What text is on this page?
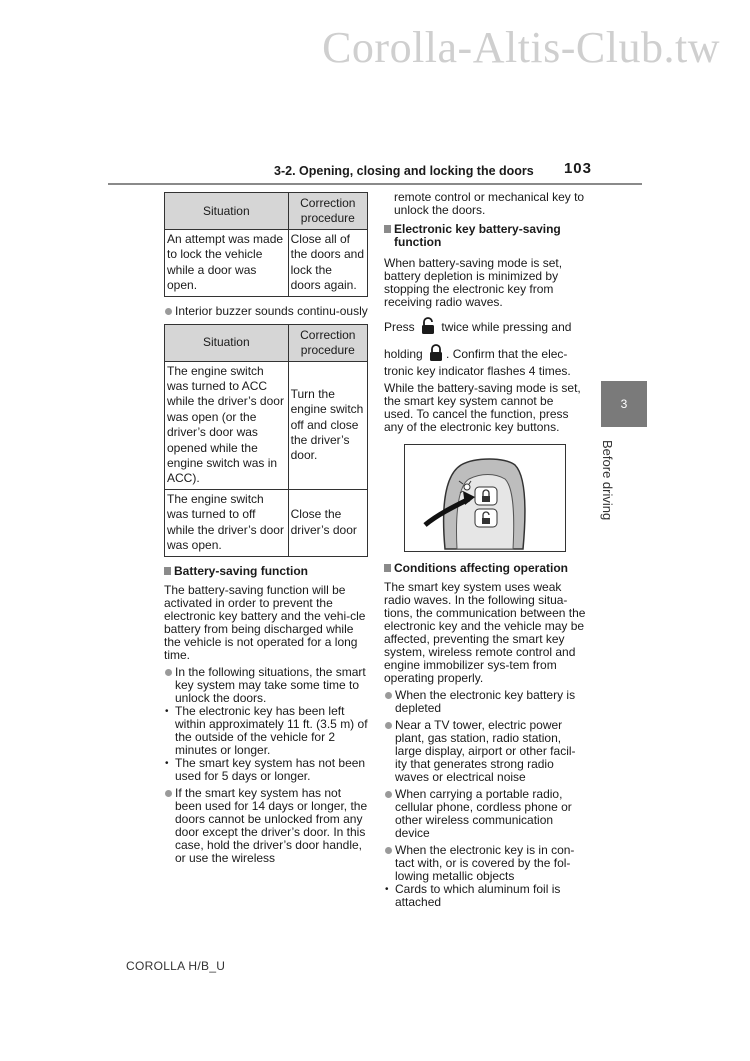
Corolla-Altis-Club.tw
3-2. Opening, closing and locking the doors 103
3
Before driving
Situation	Correction procedure
An attempt was made to lock the vehicle while a door was open.	Close all of the doors and lock the doors again.

Interior buzzer sounds continu-ously

Situation	Correction procedure
The engine switch was turned to ACC while the driver’s door was open (or the driver’s door was opened while the engine switch was in ACC).	Turn the engine switch off and close the driver’s door.
The engine switch was turned to off while the driver’s door was open.	Close the driver’s door

Battery-saving function

The battery-saving function will be activated in order to prevent the electronic key battery and the vehi-cle battery from being discharged while the vehicle is not operated for a long time.

In the following situations, the smart key system may take some time to unlock the doors.

• The electronic key has been left within approximately 11 ft. (3.5 m) of the outside of the vehicle for 2 minutes or longer.

• The smart key system has not been used for 5 days or longer.

If the smart key system has not been used for 14 days or longer, the doors cannot be unlocked from any door except the driver’s door. In this case, hold the driver’s door handle, or use the wireless

remote control or mechanical key to unlock the doors.

Electronic key battery-saving function

When battery-saving mode is set, battery depletion is minimized by stopping the electronic key from receiving radio waves.

Press twice while pressing and

holding . Confirm that the elec-tronic key indicator flashes 4 times.

While the battery-saving mode is set, the smart key system cannot be used. To cancel the function, press any of the electronic key buttons.

Conditions affecting operation

The smart key system uses weak radio waves. In the following situa-tions, the communication between the electronic key and the vehicle may be affected, preventing the smart key system, wireless remote control and engine immobilizer sys-tem from operating properly.

When the electronic key battery is depleted

Near a TV tower, electric power plant, gas station, radio station, large display, airport or other facil-ity that generates strong radio waves or electrical noise

When carrying a portable radio, cellular phone, cordless phone or other wireless communication device

When the electronic key is in con-tact with, or is covered by the fol-lowing metallic objects

• Cards to which aluminum foil is attached

COROLLA H/B_U
